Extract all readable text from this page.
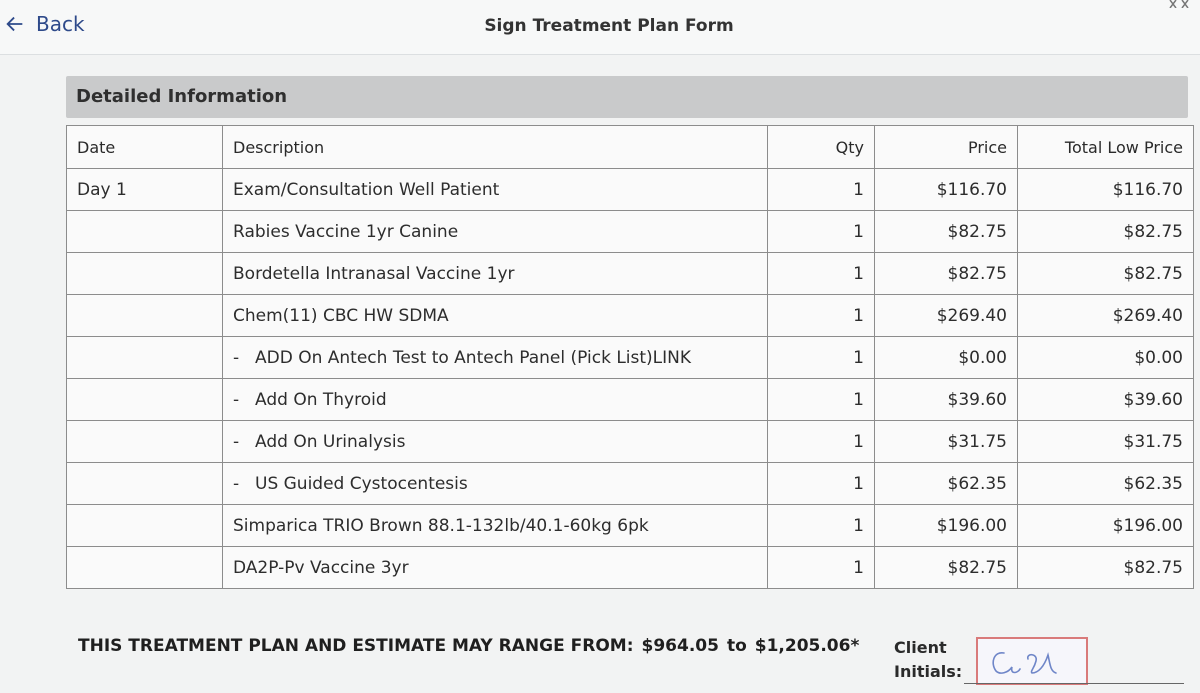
Back	Sign Treatment Plan Form
Detailed Information
Date	Description	Qty	Price	Total Low Price
Day 1	Exam/Consultation Well Patient	1	$116.70	$116.70
	Rabies Vaccine 1yr Canine	1	$82.75	$82.75
	Bordetella Intranasal Vaccine 1yr	1	$82.75	$82.75
	Chem(11) CBC HW SDMA	1	$269.40	$269.40
	- ADD On Antech Test to Antech Panel (Pick List)LINK	1	$0.00	$0.00
	- Add On Thyroid	1	$39.60	$39.60
	- Add On Urinalysis	1	$31.75	$31.75
	- US Guided Cystocentesis	1	$62.35	$62.35
	Simparica TRIO Brown 88.1-132lb/40.1-60kg 6pk	1	$196.00	$196.00
	DA2P-Pv Vaccine 3yr	1	$82.75	$82.75
THIS TREATMENT PLAN AND ESTIMATE MAY RANGE FROM: $964.05 to $1,205.06* Client
Initials:
